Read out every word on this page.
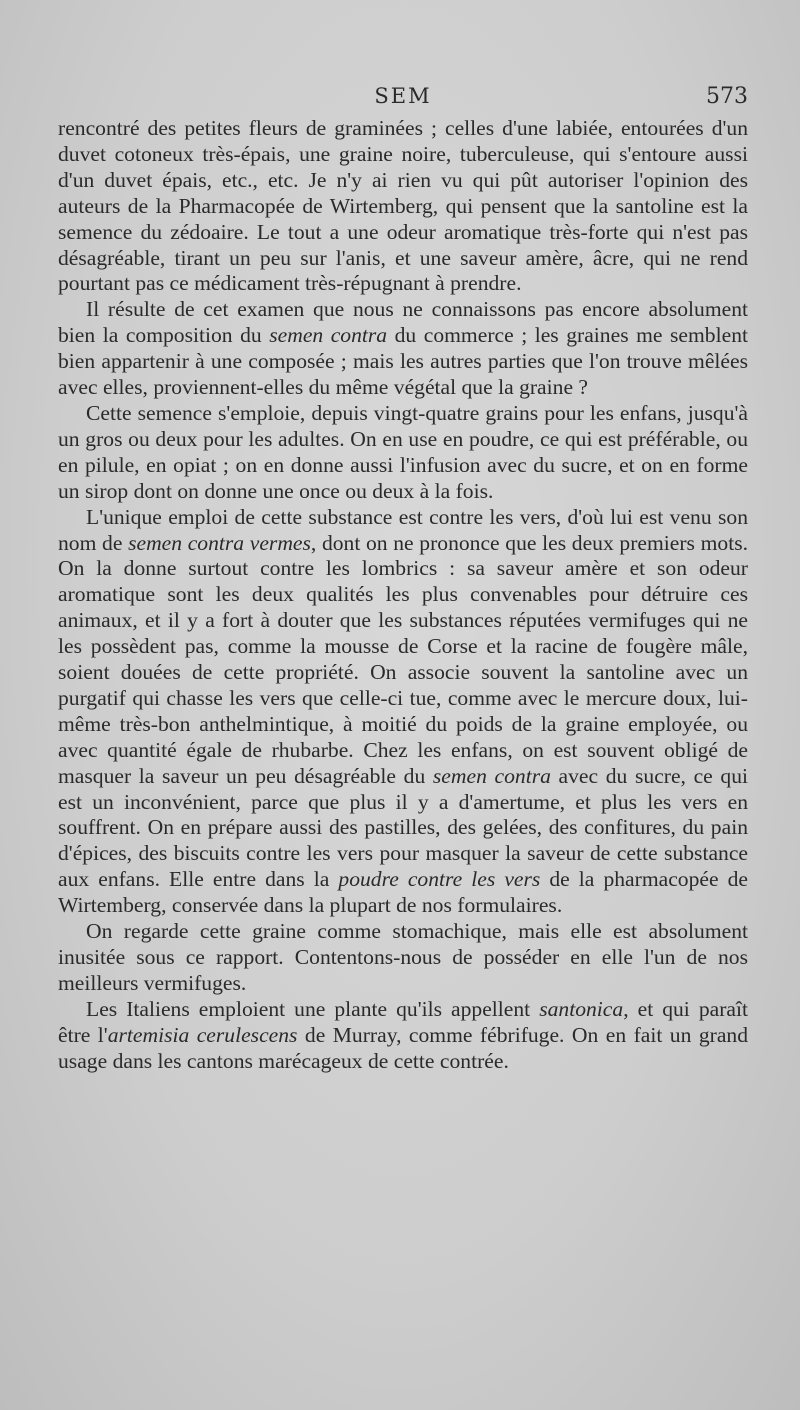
SEM	573

rencontré des petites fleurs de graminées ; celles d'une labiée, entourées d'un duvet cotoneux très-épais, une graine noire, tuberculeuse, qui s'entoure aussi d'un duvet épais, etc., etc. Je n'y ai rien vu qui pût autoriser l'opinion des auteurs de la Pharmacopée de Wirtemberg, qui pensent que la santoline est la semence du zédoaire. Le tout a une odeur aromatique très-forte qui n'est pas désagréable, tirant un peu sur l'anis, et une saveur amère, âcre, qui ne rend pourtant pas ce médicament très-répugnant à prendre.

Il résulte de cet examen que nous ne connaissons pas encore absolument bien la composition du semen contra du commerce ; les graines me semblent bien appartenir à une composée ; mais les autres parties que l'on trouve mêlées avec elles, proviennent-elles du même végétal que la graine ?

Cette semence s'emploie, depuis vingt-quatre grains pour les enfans, jusqu'à un gros ou deux pour les adultes. On en use en poudre, ce qui est préférable, ou en pilule, en opiat ; on en donne aussi l'infusion avec du sucre, et on en forme un sirop dont on donne une once ou deux à la fois.

L'unique emploi de cette substance est contre les vers, d'où lui est venu son nom de semen contra vermes, dont on ne prononce que les deux premiers mots. On la donne surtout contre les lombrics : sa saveur amère et son odeur aromatique sont les deux qualités les plus convenables pour détruire ces animaux, et il y a fort à douter que les substances réputées vermifuges qui ne les possèdent pas, comme la mousse de Corse et la racine de fougère mâle, soient douées de cette propriété. On associe souvent la santoline avec un purgatif qui chasse les vers que celle-ci tue, comme avec le mercure doux, lui-même très-bon anthelmintique, à moitié du poids de la graine employée, ou avec quantité égale de rhubarbe. Chez les enfans, on est souvent obligé de masquer la saveur un peu désagréable du semen contra avec du sucre, ce qui est un inconvénient, parce que plus il y a d'amertume, et plus les vers en souffrent. On en prépare aussi des pastilles, des gelées, des confitures, du pain d'épices, des biscuits contre les vers pour masquer la saveur de cette substance aux enfans. Elle entre dans la poudre contre les vers de la pharmacopée de Wirtemberg, conservée dans la plupart de nos formulaires.

On regarde cette graine comme stomachique, mais elle est absolument inusitée sous ce rapport. Contentons-nous de posséder en elle l'un de nos meilleurs vermifuges.

Les Italiens emploient une plante qu'ils appellent santonica, et qui paraît être l'artemisia cerulescens de Murray, comme fébrifuge. On en fait un grand usage dans les cantons marécageux de cette contrée.
